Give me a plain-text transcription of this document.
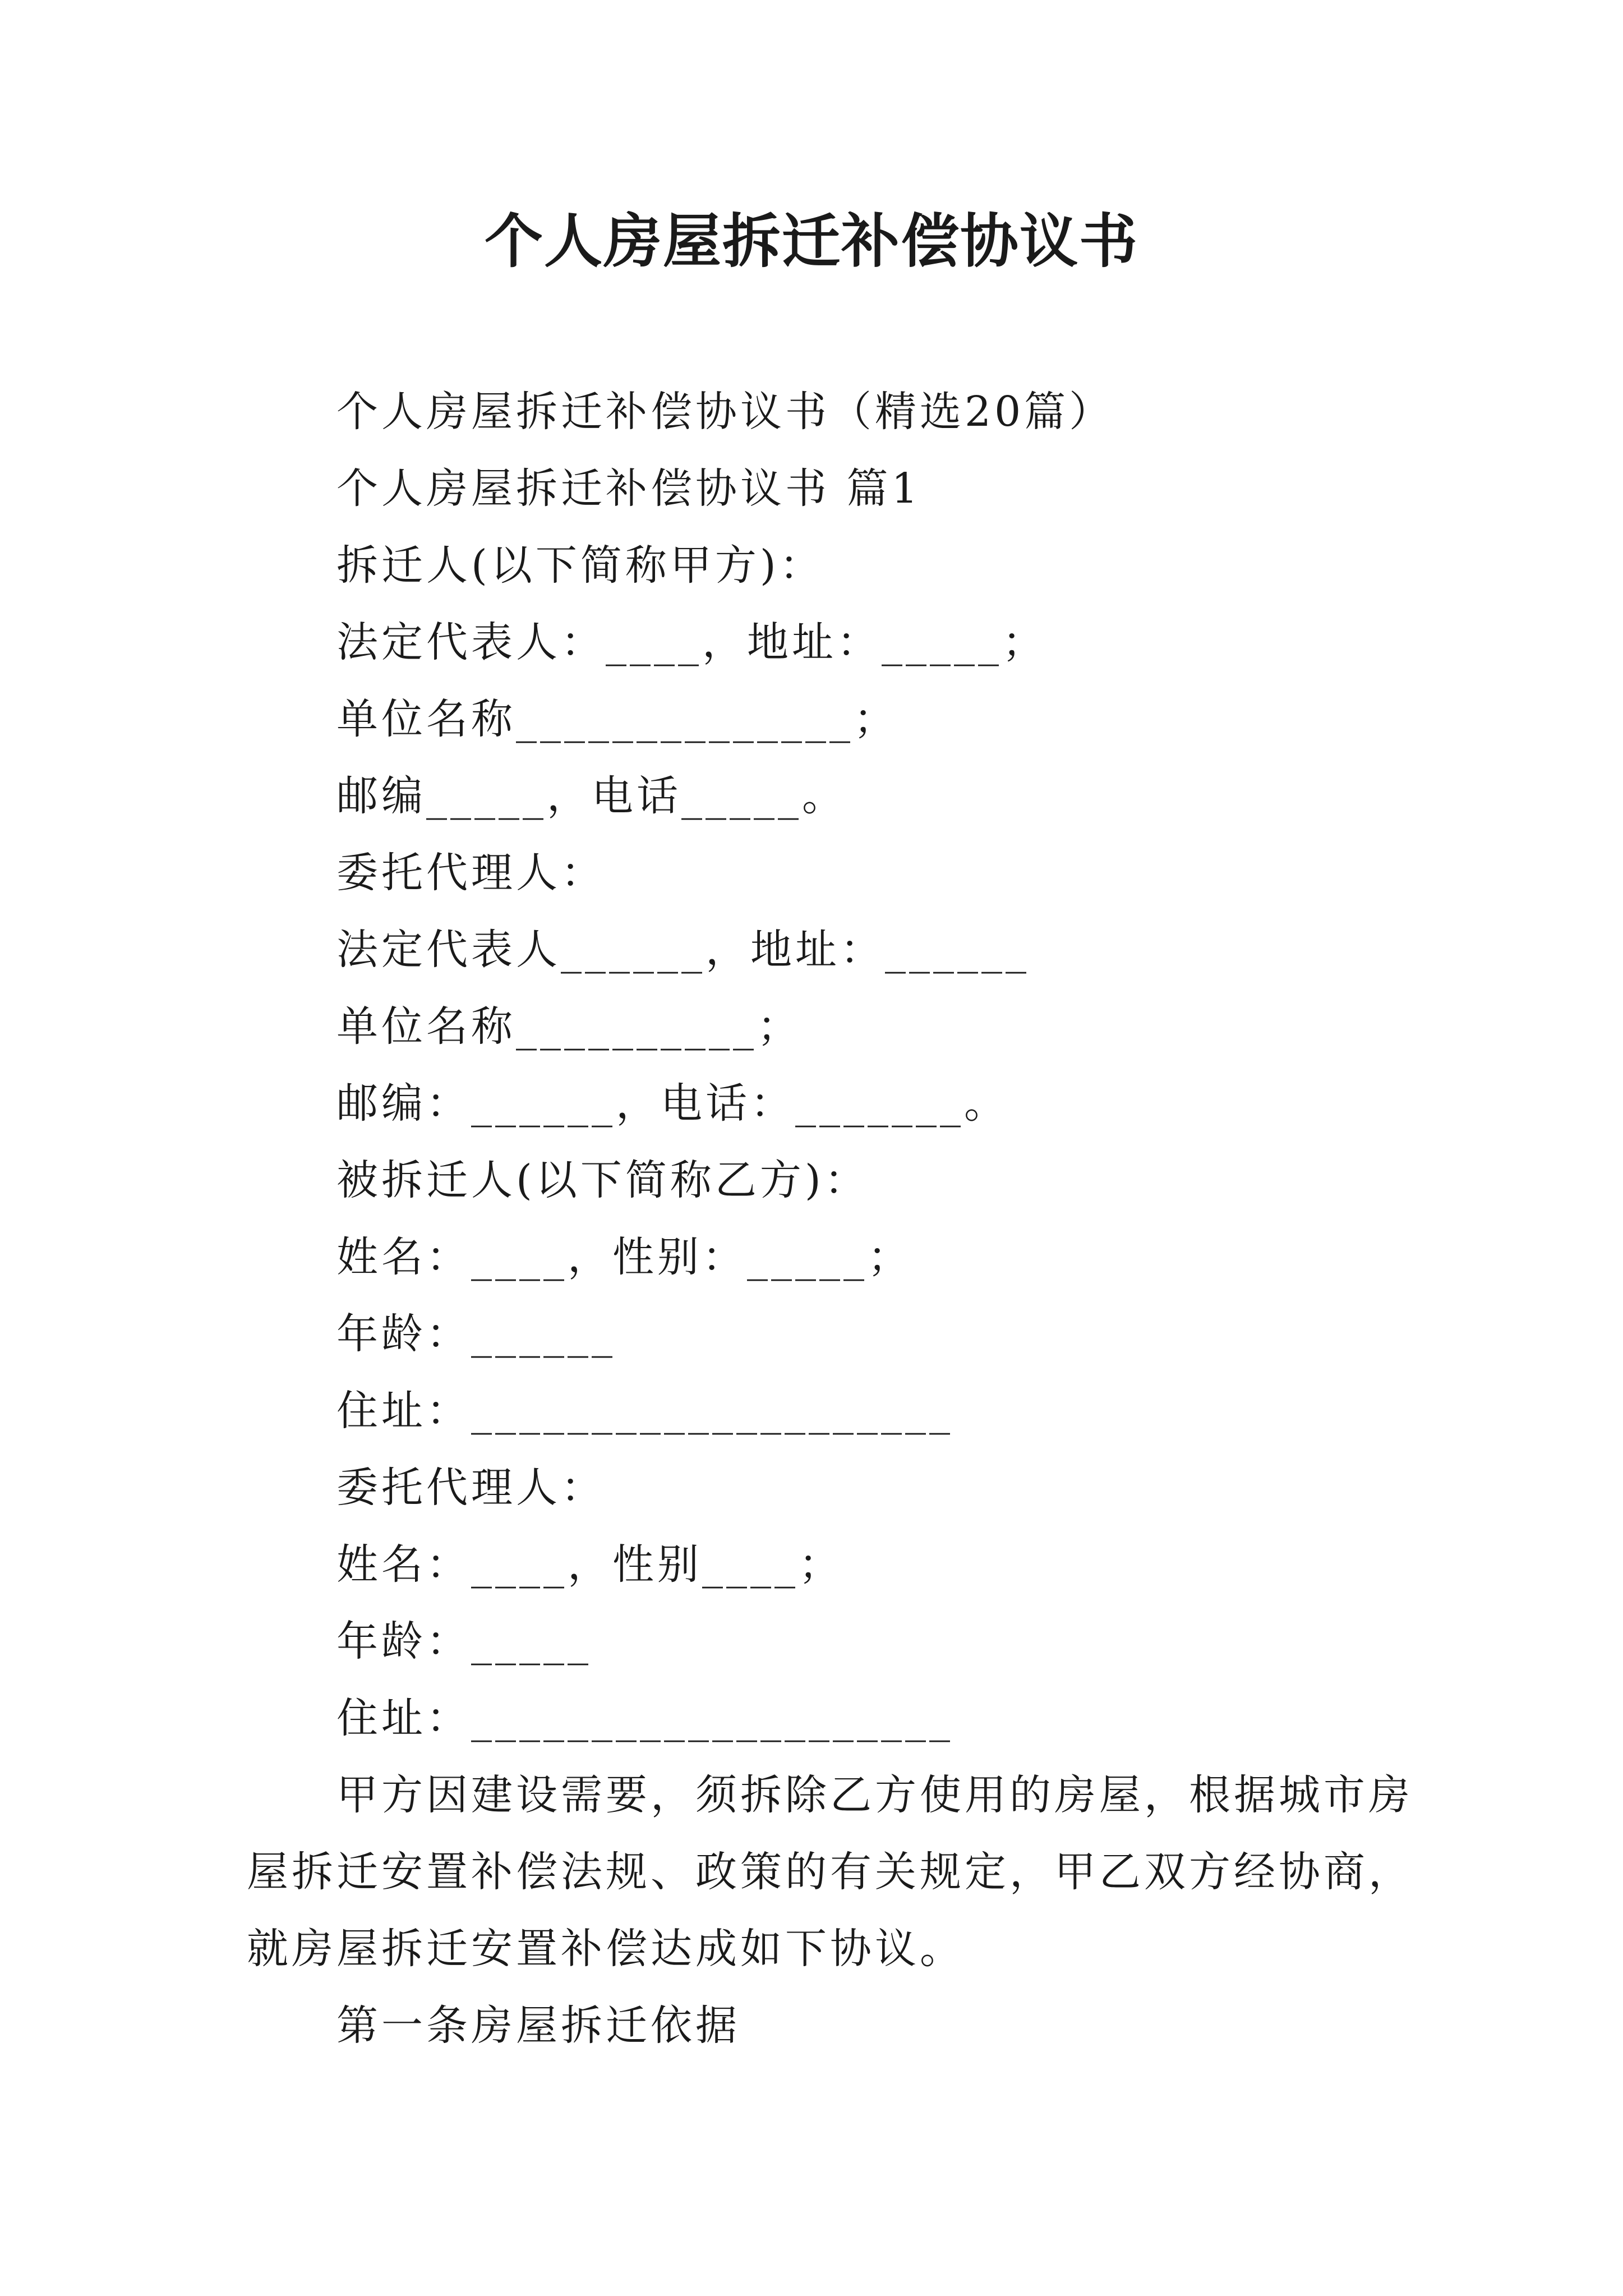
个人房屋拆迁补偿协议书
个人房屋拆迁补偿协议书（精选20篇）
个人房屋拆迁补偿协议书 篇1
拆迁人(以下简称甲方)：
法定代表人：____，地址：_____；
单位名称______________；
邮编_____，电话_____。
委托代理人：
法定代表人______，地址：______
单位名称__________；
邮编：______，电话：_______。
被拆迁人(以下简称乙方)：
姓名：____，性别：_____；
年龄：______
住址：____________________
委托代理人：
姓名：____，性别____；
年龄：_____
住址：____________________
甲方因建设需要，须拆除乙方使用的房屋，根据城市房
屋拆迁安置补偿法规、政策的有关规定，甲乙双方经协商，
就房屋拆迁安置补偿达成如下协议。
第一条房屋拆迁依据
